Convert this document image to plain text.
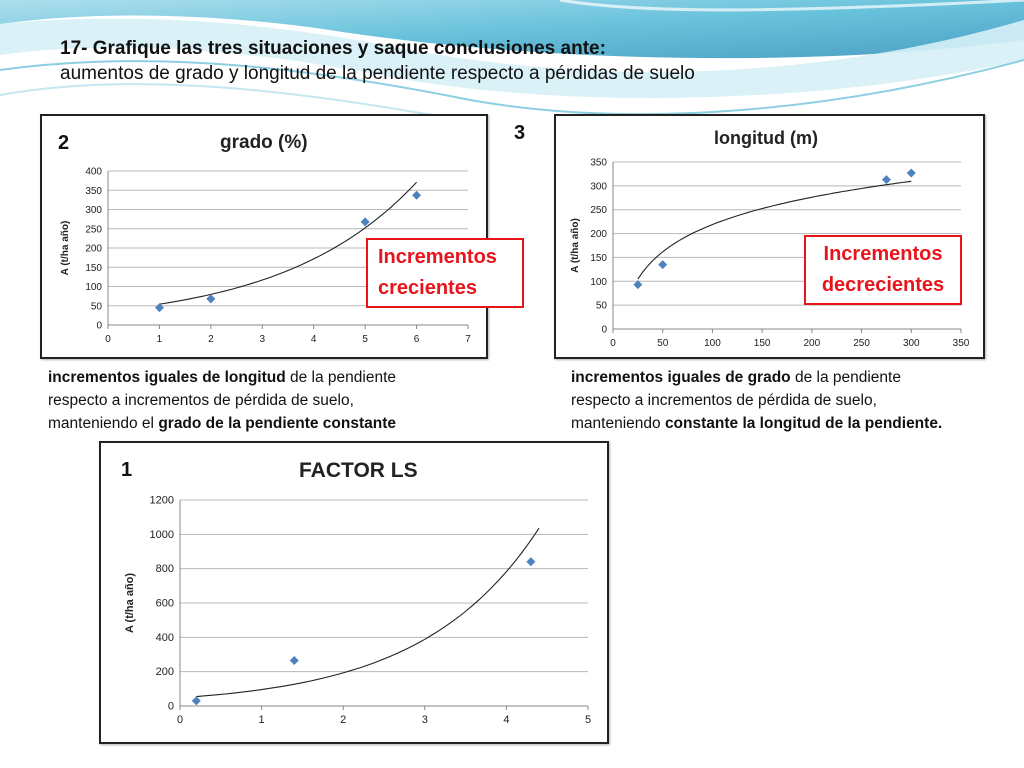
17- Grafique las tres situaciones y saque conclusiones ante:
aumentos de grado y longitud de la pendiente respecto a pérdidas de suelo
0
50
100
150
200
250
300
350
400
0	1	2	3	4	5	6	7
A (t/ha año)
2	grado (%)
0
50
100
150
200
250
300
350
0	50	100	150	200	250	300	350
A (t/ha año)
longitud (m)
3
Incrementos
crecientes
Incrementos
decrecientes
incrementos iguales de longitud de la pendiente
respecto a incrementos de pérdida de suelo,
manteniendo el grado de la pendiente constante
incrementos iguales de grado de la pendiente
respecto a incrementos de pérdida de suelo,
manteniendo constante la longitud de la pendiente.
0
200
400
600
800
1000
1200
0	1	2	3	4	5
A (t/ha año)
1	FACTOR LS
